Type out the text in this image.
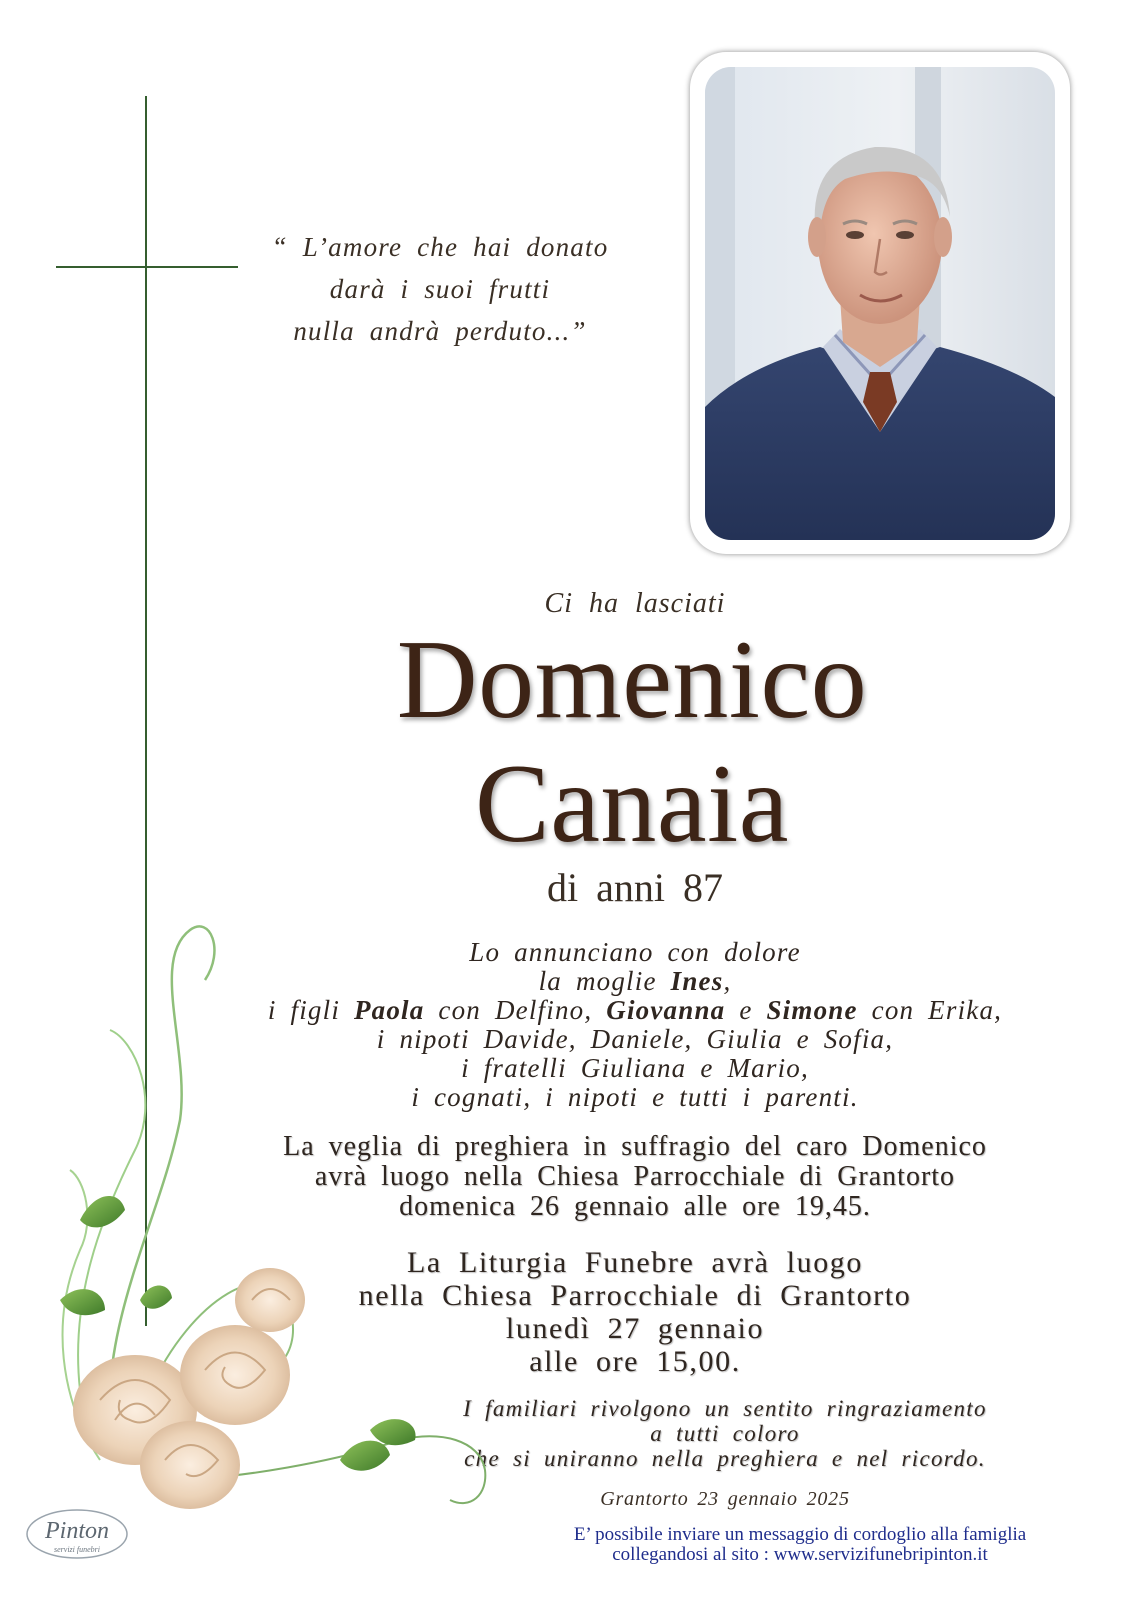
“ L’amore che hai donato
darà i suoi frutti
nulla andrà perduto...”
Ci ha lasciati
Domenico
Canaia
di anni 87
Lo annunciano con dolore
la moglie Ines,
i figli Paola con Delfino, Giovanna e Simone con Erika,
i nipoti Davide, Daniele, Giulia e Sofia,
i fratelli Giuliana e Mario,
i cognati, i nipoti e tutti i parenti.
La veglia di preghiera in suffragio del caro Domenico
avrà luogo nella Chiesa Parrocchiale di Grantorto
domenica 26 gennaio alle ore 19,45.
La Liturgia Funebre avrà luogo
nella Chiesa Parrocchiale di Grantorto
lunedì 27 gennaio
alle ore 15,00.
I familiari rivolgono un sentito ringraziamento
a tutti coloro
che si uniranno nella preghiera e nel ricordo.
Grantorto 23 gennaio 2025
E’ possibile inviare un messaggio di cordoglio alla famiglia
collegandosi al sito : www.servizifunebripinton.it
Pinton
servizi funebri
